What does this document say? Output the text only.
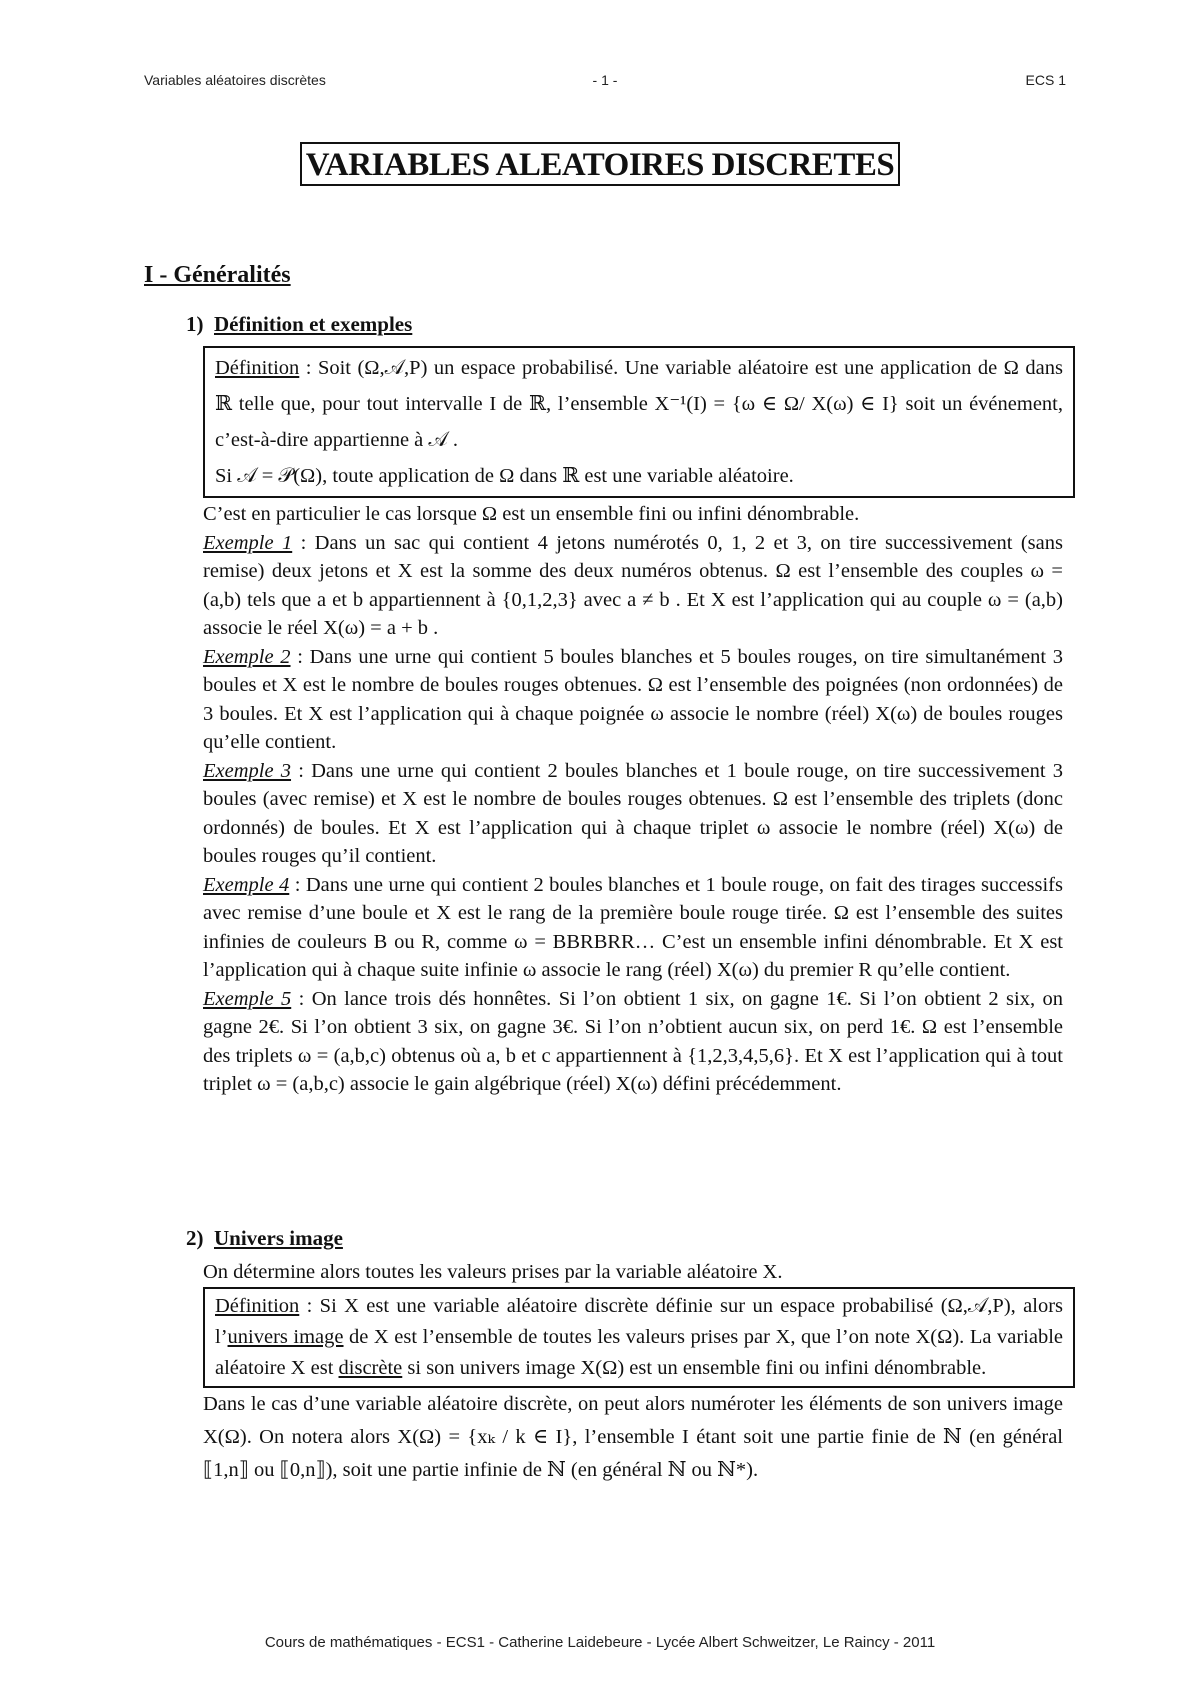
Variables aléatoires discrètes	- 1 -	ECS 1
VARIABLES ALEATOIRES DISCRETES
I - Généralités
1) Définition et exemples

Définition : Soit (Ω,𝒜,P) un espace probabilisé. Une variable aléatoire est une application de Ω dans ℝ telle que, pour tout intervalle I de ℝ, l’ensemble X⁻¹(I) = {ω ∈ Ω/ X(ω) ∈ I} soit un événement, c’est-à-dire appartienne à 𝒜 .

Si 𝒜 = 𝒫(Ω), toute application de Ω dans ℝ est une variable aléatoire.

C’est en particulier le cas lorsque Ω est un ensemble fini ou infini dénombrable.

Exemple 1 : Dans un sac qui contient 4 jetons numérotés 0, 1, 2 et 3, on tire successivement (sans remise) deux jetons et X est la somme des deux numéros obtenus. Ω est l’ensemble des couples ω = (a,b) tels que a et b appartiennent à {0,1,2,3} avec a ≠ b . Et X est l’application qui au couple ω = (a,b) associe le réel X(ω) = a + b .

Exemple 2 : Dans une urne qui contient 5 boules blanches et 5 boules rouges, on tire simultanément 3 boules et X est le nombre de boules rouges obtenues. Ω est l’ensemble des poignées (non ordonnées) de 3 boules. Et X est l’application qui à chaque poignée ω associe le nombre (réel) X(ω) de boules rouges qu’elle contient.

Exemple 3 : Dans une urne qui contient 2 boules blanches et 1 boule rouge, on tire successivement 3 boules (avec remise) et X est le nombre de boules rouges obtenues. Ω est l’ensemble des triplets (donc ordonnés) de boules. Et X est l’application qui à chaque triplet ω associe le nombre (réel) X(ω) de boules rouges qu’il contient.

Exemple 4 : Dans une urne qui contient 2 boules blanches et 1 boule rouge, on fait des tirages successifs avec remise d’une boule et X est le rang de la première boule rouge tirée. Ω est l’ensemble des suites infinies de couleurs B ou R, comme ω = BBRBRR… C’est un ensemble infini dénombrable. Et X est l’application qui à chaque suite infinie ω associe le rang (réel) X(ω) du premier R qu’elle contient.

Exemple 5 : On lance trois dés honnêtes. Si l’on obtient 1 six, on gagne 1€. Si l’on obtient 2 six, on gagne 2€. Si l’on obtient 3 six, on gagne 3€. Si l’on n’obtient aucun six, on perd 1€. Ω est l’ensemble des triplets ω = (a,b,c) obtenus où a, b et c appartiennent à {1,2,3,4,5,6}. Et X est l’application qui à tout triplet ω = (a,b,c) associe le gain algébrique (réel) X(ω) défini précédemment.

2) Univers image

On détermine alors toutes les valeurs prises par la variable aléatoire X.

Définition : Si X est une variable aléatoire discrète définie sur un espace probabilisé (Ω,𝒜,P), alors l’univers image de X est l’ensemble de toutes les valeurs prises par X, que l’on note X(Ω). La variable aléatoire X est discrète si son univers image X(Ω) est un ensemble fini ou infini dénombrable.

Dans le cas d’une variable aléatoire discrète, on peut alors numéroter les éléments de son univers image X(Ω). On notera alors X(Ω) = {xₖ / k ∈ I}, l’ensemble I étant soit une partie finie de ℕ (en général ⟦1,n⟧ ou ⟦0,n⟧), soit une partie infinie de ℕ (en général ℕ ou ℕ*).

Cours de mathématiques - ECS1 - Catherine Laidebeure - Lycée Albert Schweitzer, Le Raincy - 2011
